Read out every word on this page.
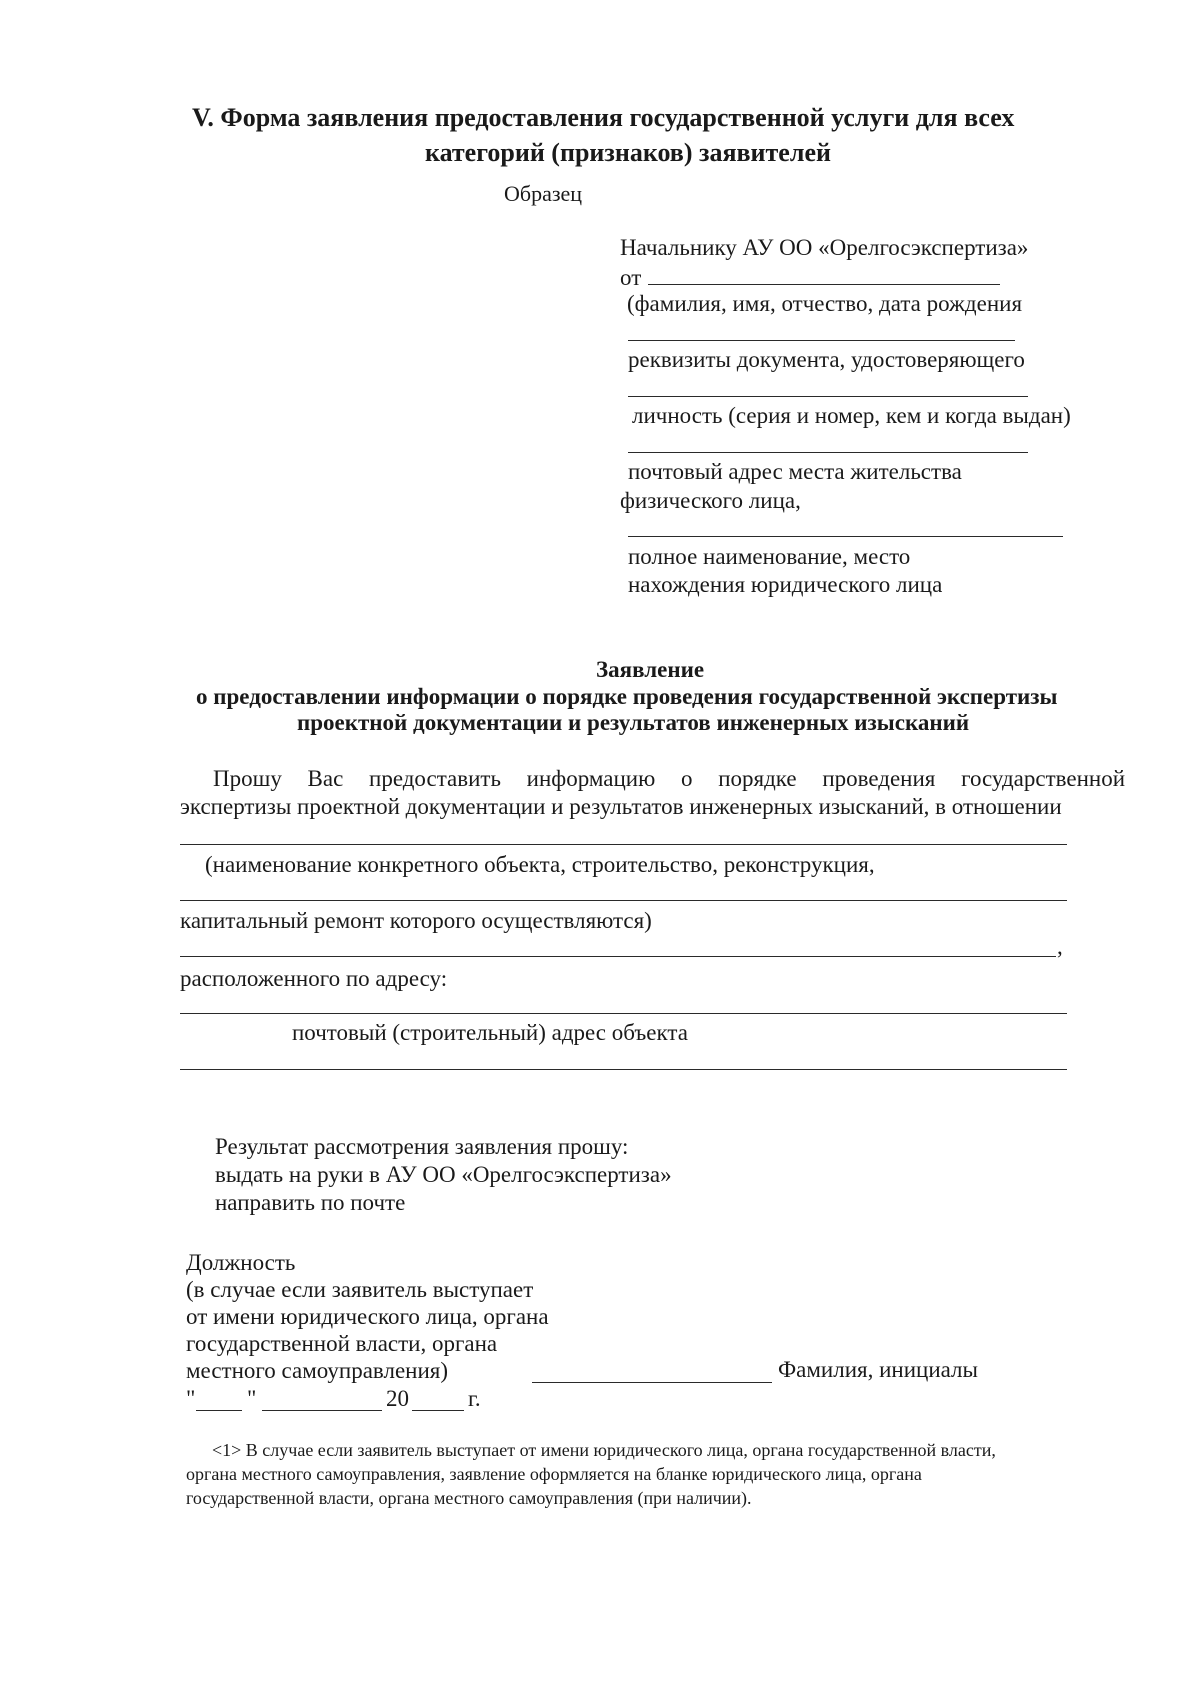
V. Форма заявления предоставления государственной услуги для всех
категорий (признаков) заявителей
Образец
Начальнику АУ ОО «Орелгосэкспертиза»
от
(фамилия, имя, отчество, дата рождения
реквизиты документа, удостоверяющего
личность (серия и номер, кем и когда выдан)
почтовый адрес места жительства
физического лица,
полное наименование, место
нахождения юридического лица
Заявление
о предоставлении информации о порядке проведения государственной экспертизы
проектной документации и результатов инженерных изысканий
Прошу Вас предоставить информацию о порядке проведения государственной
экспертизы проектной документации и результатов инженерных изысканий, в отношении
(наименование конкретного объекта, строительство, реконструкция,
капитальный ремонт которого осуществляются)
,
расположенного по адресу:
почтовый (строительный) адрес объекта
Результат рассмотрения заявления прошу:
выдать на руки в АУ ОО «Орелгосэкспертиза»
направить по почте
Должность
(в случае если заявитель выступает
от имени юридического лица, органа
государственной власти, органа
местного самоуправления)	Фамилия, инициалы
" "	20	г.
<1> В случае если заявитель выступает от имени юридического лица, органа государственной власти,
органа местного самоуправления, заявление оформляется на бланке юридического лица, органа
государственной власти, органа местного самоуправления (при наличии).
